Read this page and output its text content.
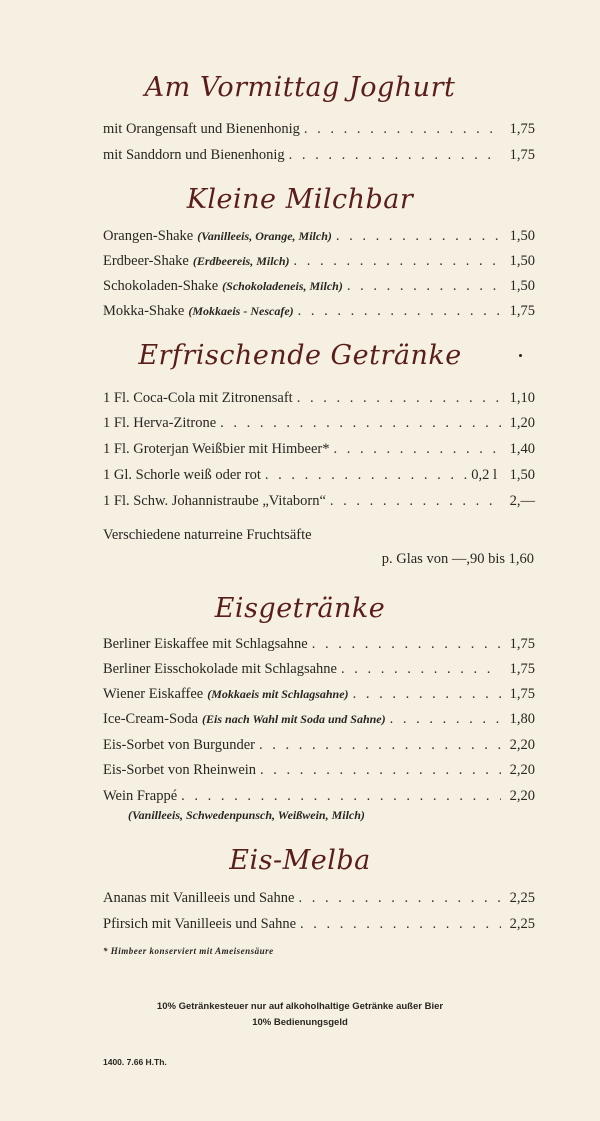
Am Vormittag Joghurt
mit Orangensaft und Bienenhonig . . .	1,75
mit Sanddorn und Bienenhonig . . .	1,75
Kleine Milchbar
Orangen-Shake (Vanilleeis, Orange, Milch) . . .	1,50
Erdbeer-Shake (Erdbeereis, Milch) . . .	1,50
Schokoladen-Shake (Schokoladeneis, Milch) . . .	1,50
Mokka-Shake (Mokkaeis - Nescafe) . . .	1,75
Erfrischende Getränke
1 Fl. Coca-Cola mit Zitronensaft . . .	1,10
1 Fl. Herva-Zitrone . . .	1,20
1 Fl. Groterjan Weißbier mit Himbeer* . . .	1,40
1 Gl. Schorle weiß oder rot . . .	0,2 l 1,50
1 Fl. Schw. Johannistraube „Vitaborn“ . . .	2,—
Verschiedene naturreine Fruchtsäfte
p. Glas von —,90 bis 1,60
Eisgetränke
Berliner Eiskaffee mit Schlagsahne . . .	1,75
Berliner Eisschokolade mit Schlagsahne . . .	1,75
Wiener Eiskaffee (Mokkaeis mit Schlagsahne) . . .	1,75
Ice-Cream-Soda (Eis nach Wahl mit Soda und Sahne) . . .	1,80
Eis-Sorbet von Burgunder . . .	2,20
Eis-Sorbet von Rheinwein . . .	2,20
Wein Frappé . . .	2,20
(Vanilleeis, Schwedenpunsch, Weißwein, Milch)
Eis-Melba
Ananas mit Vanilleeis und Sahne . . .	2,25
Pfirsich mit Vanilleeis und Sahne . . .	2,25
* Himbeer konserviert mit Ameisensäure
10% Getränkesteuer nur auf alkoholhaltige Getränke außer Bier
10% Bedienungsgeld
1400. 7.66 H.Th.
